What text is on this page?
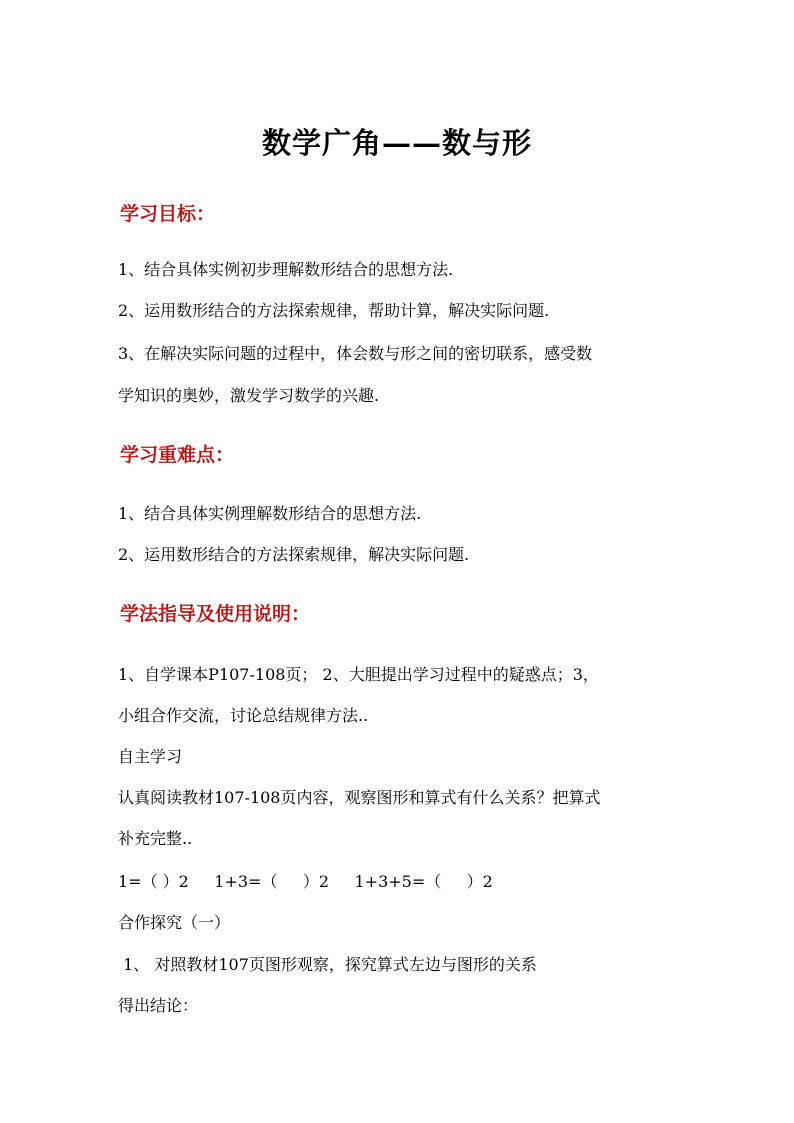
数学广角——数与形
学习目标：
1、结合具体实例初步理解数形结合的思想方法.
2、运用数形结合的方法探索规律，帮助计算，解决实际问题.
3、在解决实际问题的过程中，体会数与形之间的密切联系，感受数
学知识的奥妙，激发学习数学的兴趣.
学习重难点：
1、结合具体实例理解数形结合的思想方法.
2、运用数形结合的方法探索规律，解决实际问题.
学法指导及使用说明：
1、自学课本P107-108页； 2、大胆提出学习过程中的疑惑点；3，
小组合作交流，讨论总结规律方法..
自主学习
认真阅读教材107-108页内容，观察图形和算式有什么关系？把算式
补充完整..
1=（ ）2     1+3=（     ）2     1+3+5=（     ）2
合作探究（一）
1、 对照教材107页图形观察，探究算式左边与图形的关系
得出结论：
